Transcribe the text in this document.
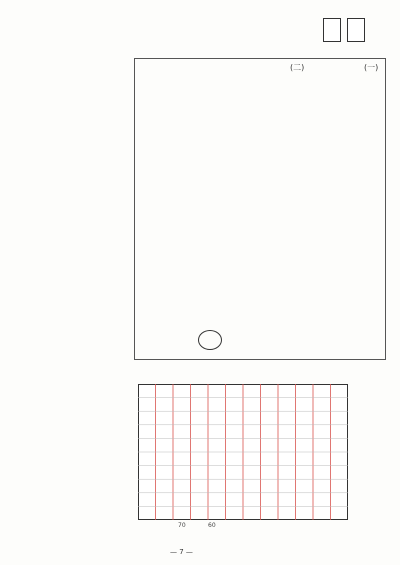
(一)
(二)
60
70
— 7 —
